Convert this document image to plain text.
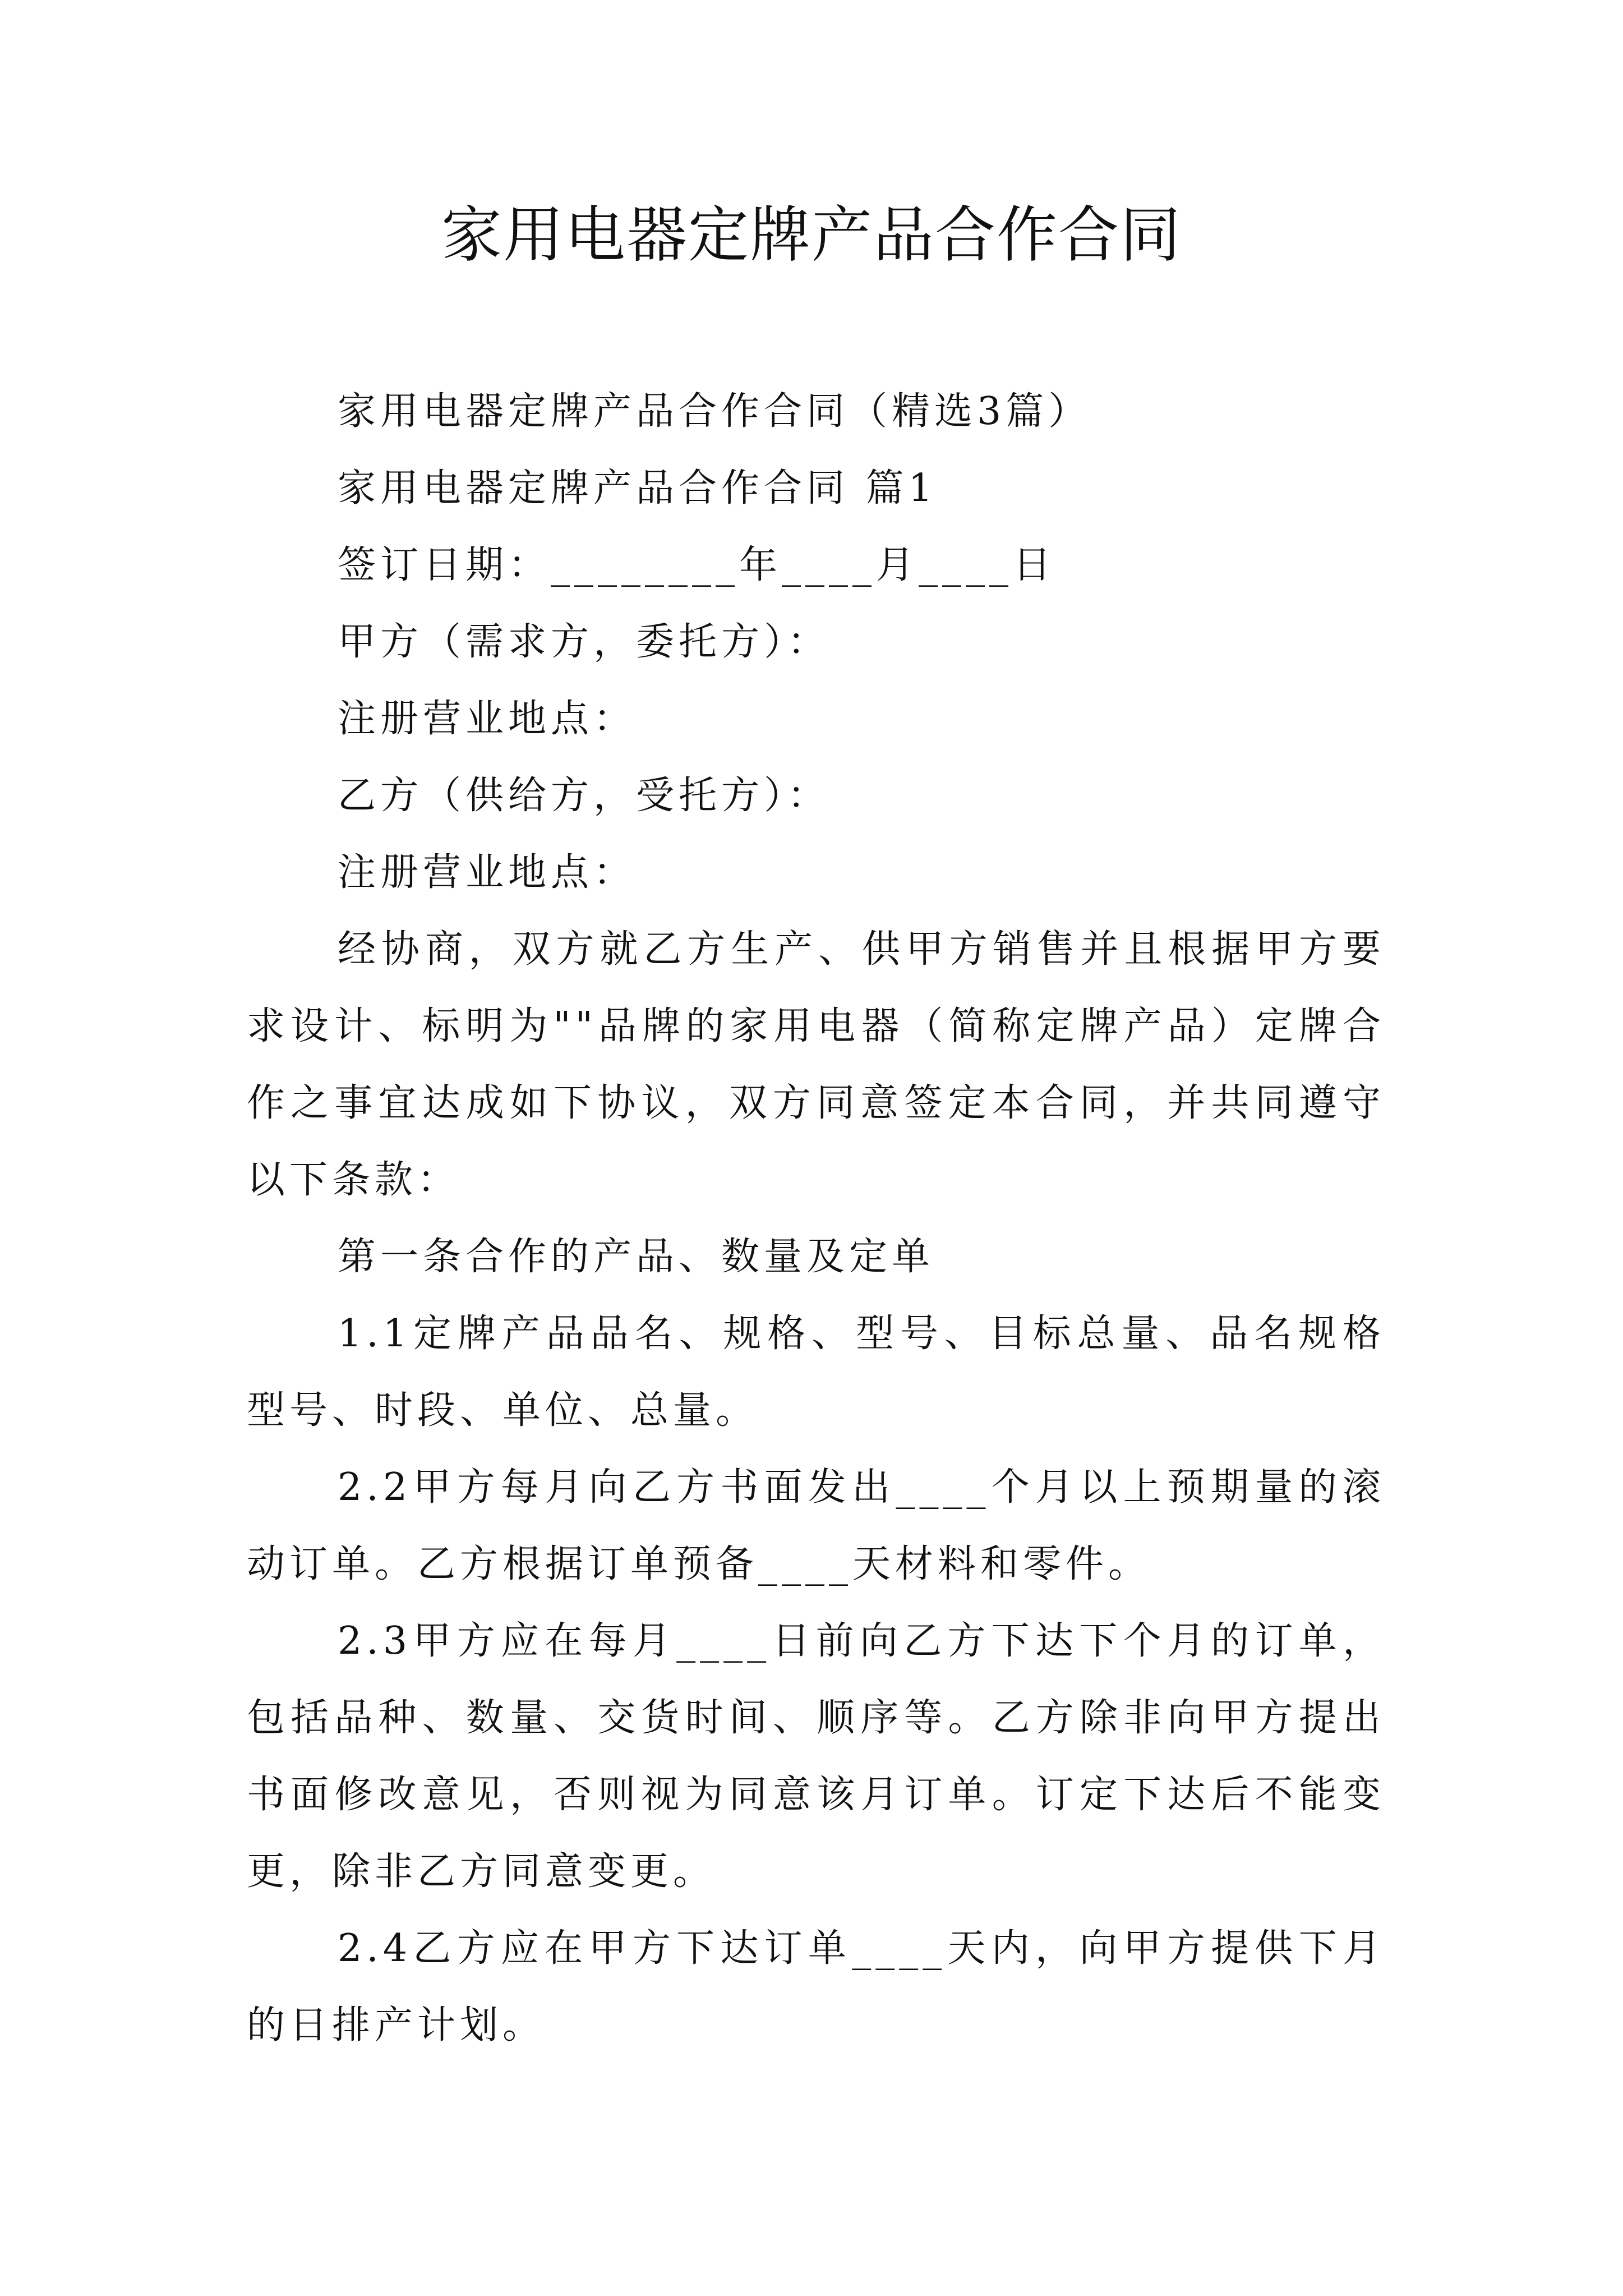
家用电器定牌产品合作合同

家用电器定牌产品合作合同（精选3篇）

家用电器定牌产品合作合同 篇1

签订日期：________年____月____日

甲方（需求方，委托方）：

注册营业地点：

乙方（供给方，受托方）：

注册营业地点：

经协商，双方就乙方生产、供甲方销售并且根据甲方要求设计、标明为""品牌的家用电器（简称定牌产品）定牌合作之事宜达成如下协议，双方同意签定本合同，并共同遵守以下条款：

第一条合作的产品、数量及定单

1.1定牌产品品名、规格、型号、目标总量、品名规格型号、时段、单位、总量。

2.2甲方每月向乙方书面发出____个月以上预期量的滚动订单。乙方根据订单预备____天材料和零件。

2.3甲方应在每月____日前向乙方下达下个月的订单，包括品种、数量、交货时间、顺序等。乙方除非向甲方提出书面修改意见，否则视为同意该月订单。订定下达后不能变更，除非乙方同意变更。

2.4乙方应在甲方下达订单____天内，向甲方提供下月的日排产计划。
